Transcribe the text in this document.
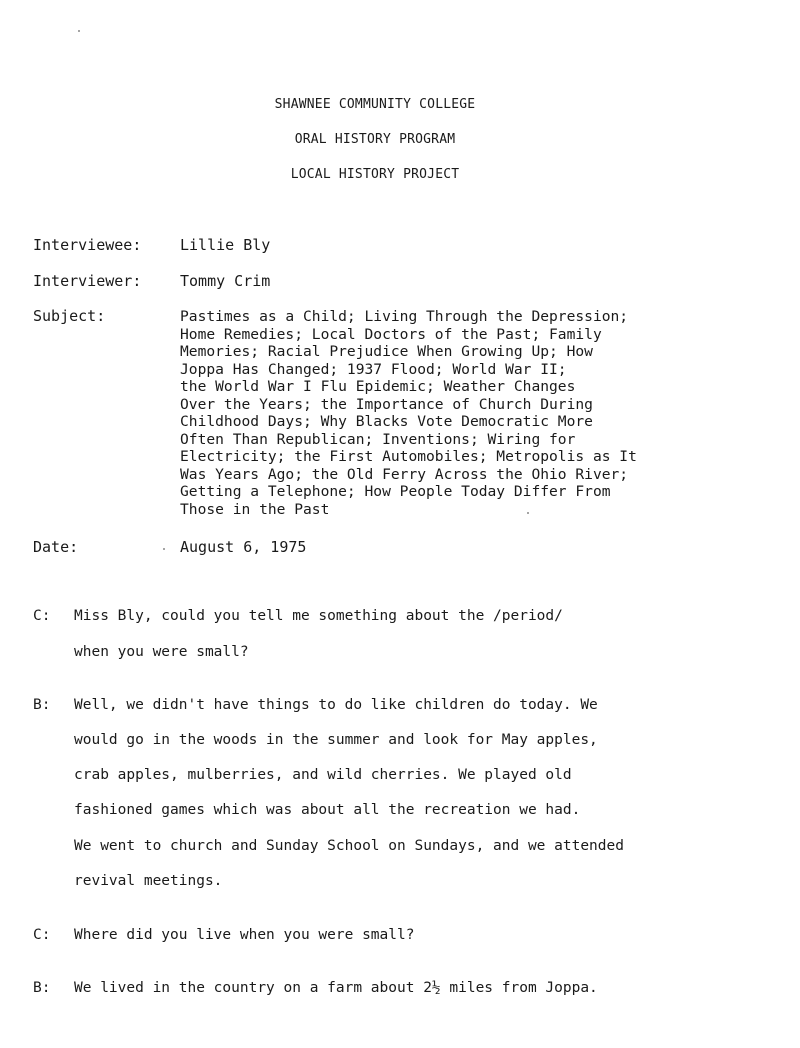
SHAWNEE COMMUNITY COLLEGE
ORAL HISTORY PROGRAM
LOCAL HISTORY PROJECT
Interviewee:	Lillie Bly
Interviewer:	Tommy Crim
Subject:	Pastimes as a Child; Living Through the Depression;
Home Remedies; Local Doctors of the Past; Family
Memories; Racial Prejudice When Growing Up; How
Joppa Has Changed; 1937 Flood; World War II;
the World War I Flu Epidemic; Weather Changes
Over the Years; the Importance of Church During
Childhood Days; Why Blacks Vote Democratic More
Often Than Republican; Inventions; Wiring for
Electricity; the First Automobiles; Metropolis as It
Was Years Ago; the Old Ferry Across the Ohio River;
Getting a Telephone; How People Today Differ From
Those in the Past
Date:	August 6, 1975
C: Miss Bly, could you tell me something about the /period/
when you were small?
B: Well, we didn't have things to do like children do today. We
would go in the woods in the summer and look for May apples,
crab apples, mulberries, and wild cherries. We played old
fashioned games which was about all the recreation we had.
We went to church and Sunday School on Sundays, and we attended
revival meetings.
C: Where did you live when you were small?
B: We lived in the country on a farm about 2½ miles from Joppa.
